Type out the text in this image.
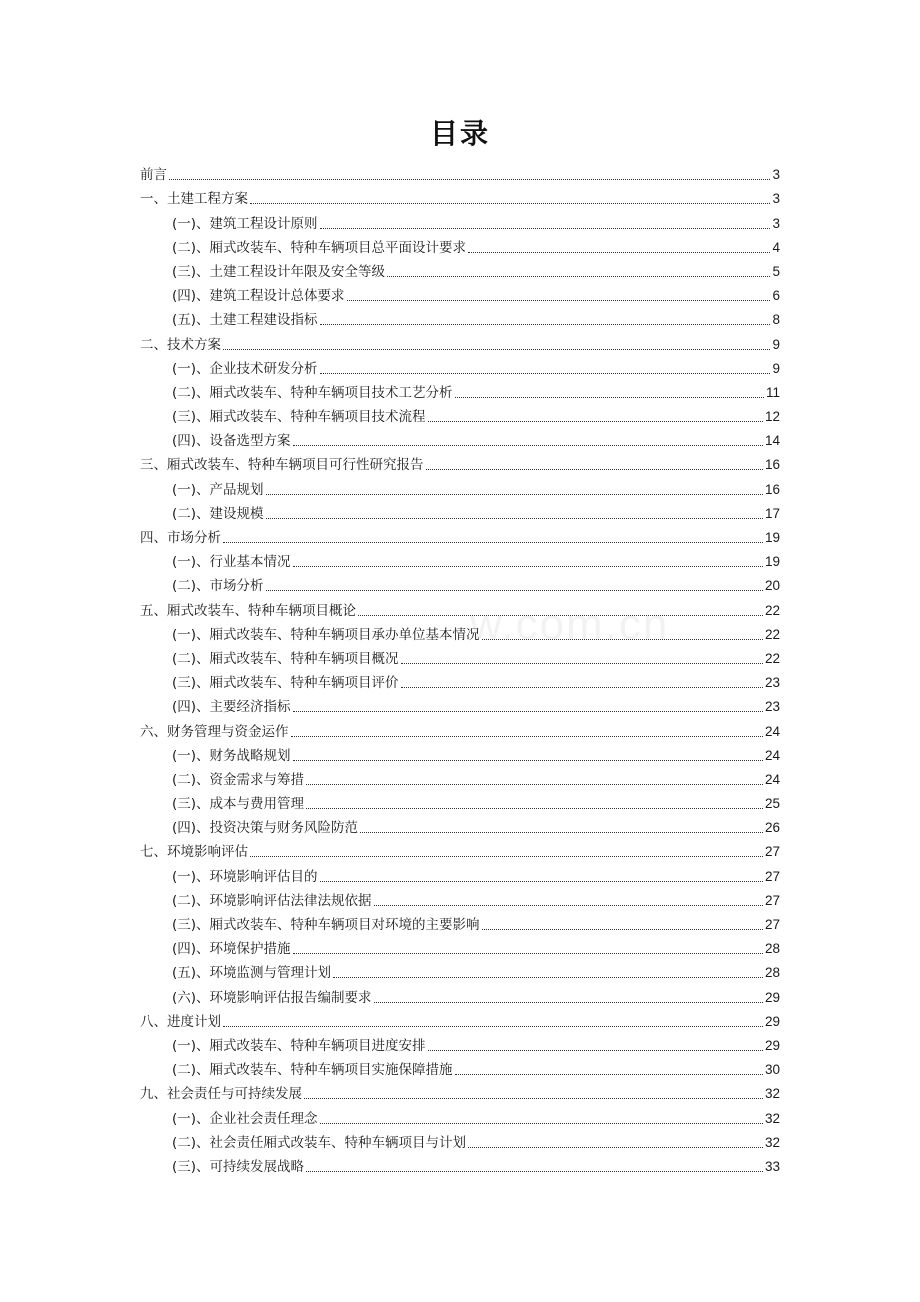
目录
w.com.cn
前言	3
一、土建工程方案	3
(一)、建筑工程设计原则	3
(二)、厢式改装车、特种车辆项目总平面设计要求	4
(三)、土建工程设计年限及安全等级	5
(四)、建筑工程设计总体要求	6
(五)、土建工程建设指标	8
二、技术方案	9
(一)、企业技术研发分析	9
(二)、厢式改装车、特种车辆项目技术工艺分析	11
(三)、厢式改装车、特种车辆项目技术流程	12
(四)、设备选型方案	14
三、厢式改装车、特种车辆项目可行性研究报告	16
(一)、产品规划	16
(二)、建设规模	17
四、市场分析	19
(一)、行业基本情况	19
(二)、市场分析	20
五、厢式改装车、特种车辆项目概论	22
(一)、厢式改装车、特种车辆项目承办单位基本情况	22
(二)、厢式改装车、特种车辆项目概况	22
(三)、厢式改装车、特种车辆项目评价	23
(四)、主要经济指标	23
六、财务管理与资金运作	24
(一)、财务战略规划	24
(二)、资金需求与筹措	24
(三)、成本与费用管理	25
(四)、投资决策与财务风险防范	26
七、环境影响评估	27
(一)、环境影响评估目的	27
(二)、环境影响评估法律法规依据	27
(三)、厢式改装车、特种车辆项目对环境的主要影响	27
(四)、环境保护措施	28
(五)、环境监测与管理计划	28
(六)、环境影响评估报告编制要求	29
八、进度计划	29
(一)、厢式改装车、特种车辆项目进度安排	29
(二)、厢式改装车、特种车辆项目实施保障措施	30
九、社会责任与可持续发展	32
(一)、企业社会责任理念	32
(二)、社会责任厢式改装车、特种车辆项目与计划	32
(三)、可持续发展战略	33
